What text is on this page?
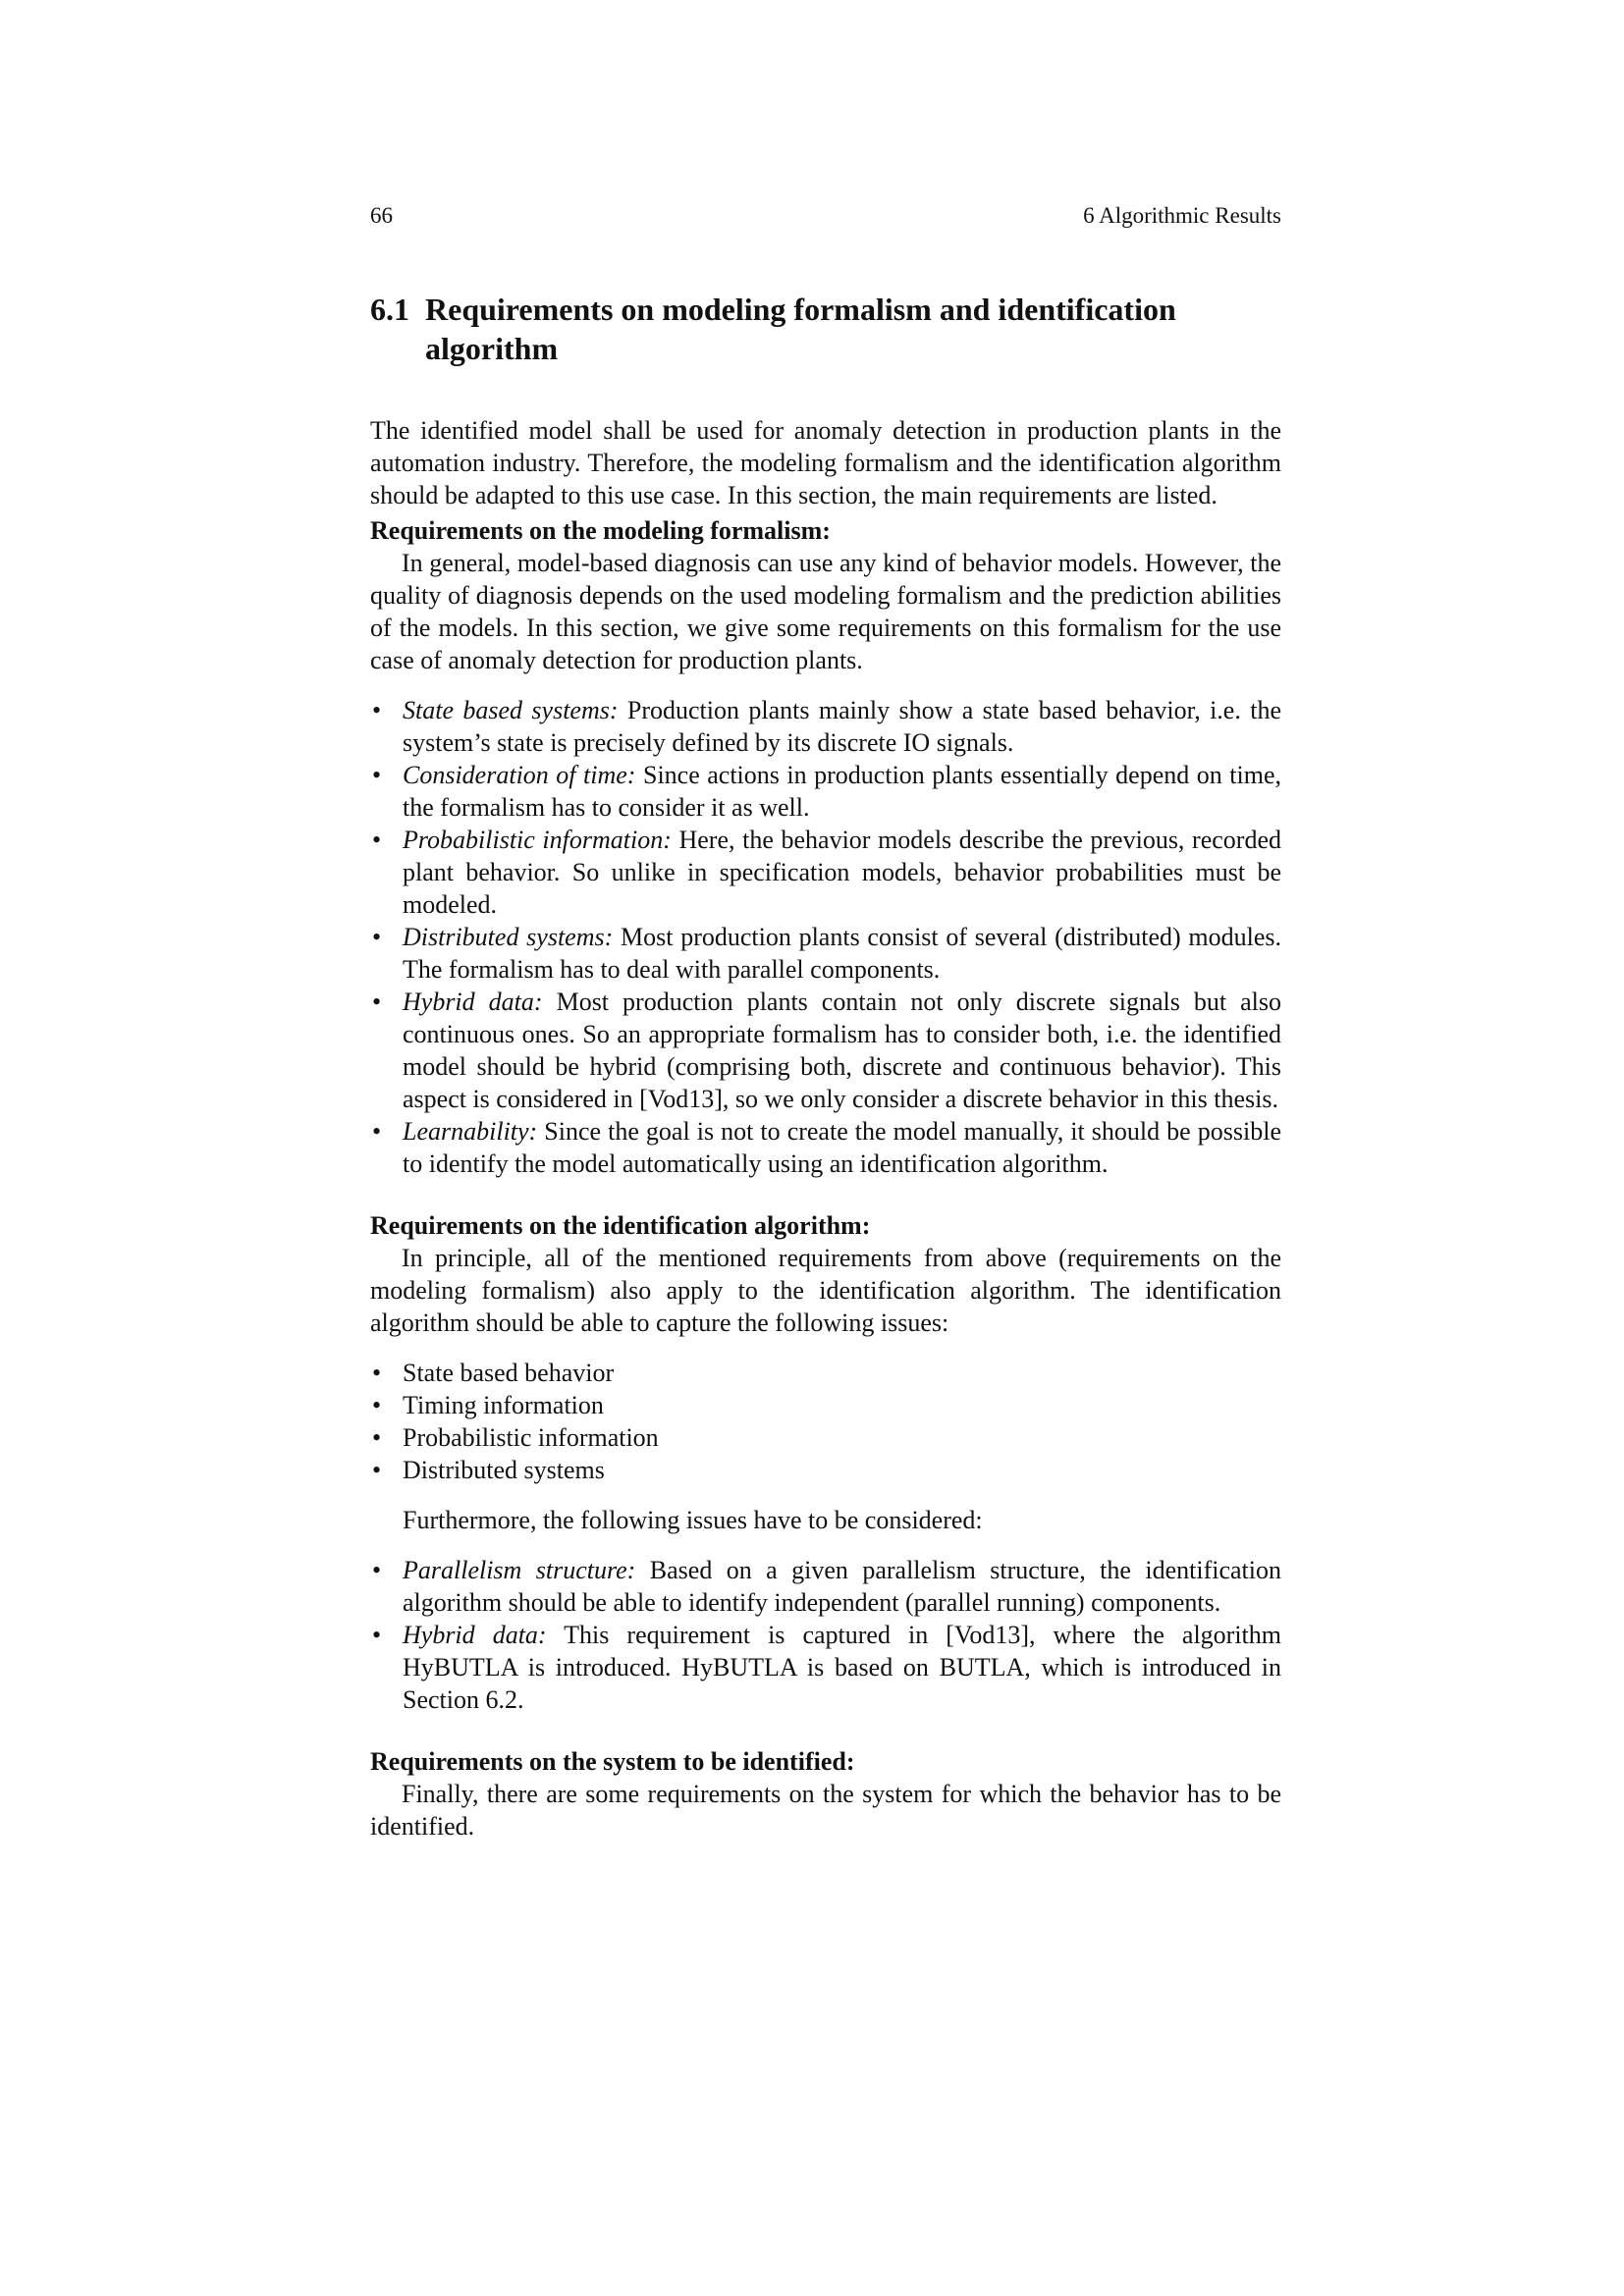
66	6 Algorithmic Results
6.1 Requirements on modeling formalism and identification algorithm

The identified model shall be used for anomaly detection in production plants in the automation industry. Therefore, the modeling formalism and the identification algorithm should be adapted to this use case. In this section, the main requirements are listed.

Requirements on the modeling formalism:

In general, model-based diagnosis can use any kind of behavior models. However, the quality of diagnosis depends on the used modeling formalism and the prediction abilities of the models. In this section, we give some requirements on this formalism for the use case of anomaly detection for production plants.

• State based systems: Production plants mainly show a state based behavior, i.e. the system’s state is precisely defined by its discrete IO signals.
• Consideration of time: Since actions in production plants essentially depend on time, the formalism has to consider it as well.
• Probabilistic information: Here, the behavior models describe the previous, recorded plant behavior. So unlike in specification models, behavior probabilities must be modeled.
• Distributed systems: Most production plants consist of several (distributed) modules. The formalism has to deal with parallel components.
• Hybrid data: Most production plants contain not only discrete signals but also continuous ones. So an appropriate formalism has to consider both, i.e. the identified model should be hybrid (comprising both, discrete and continuous behavior). This aspect is considered in [Vod13], so we only consider a discrete behavior in this thesis.
• Learnability: Since the goal is not to create the model manually, it should be possible to identify the model automatically using an identification algorithm.
Requirements on the identification algorithm:

In principle, all of the mentioned requirements from above (requirements on the modeling formalism) also apply to the identification algorithm. The identification algorithm should be able to capture the following issues:

• State based behavior
• Timing information
• Probabilistic information
• Distributed systems

Furthermore, the following issues have to be considered:

• Parallelism structure: Based on a given parallelism structure, the identification algorithm should be able to identify independent (parallel running) components.
• Hybrid data: This requirement is captured in [Vod13], where the algorithm HyBUTLA is introduced. HyBUTLA is based on BUTLA, which is introduced in Section 6.2.
Requirements on the system to be identified:

Finally, there are some requirements on the system for which the behavior has to be identified.
